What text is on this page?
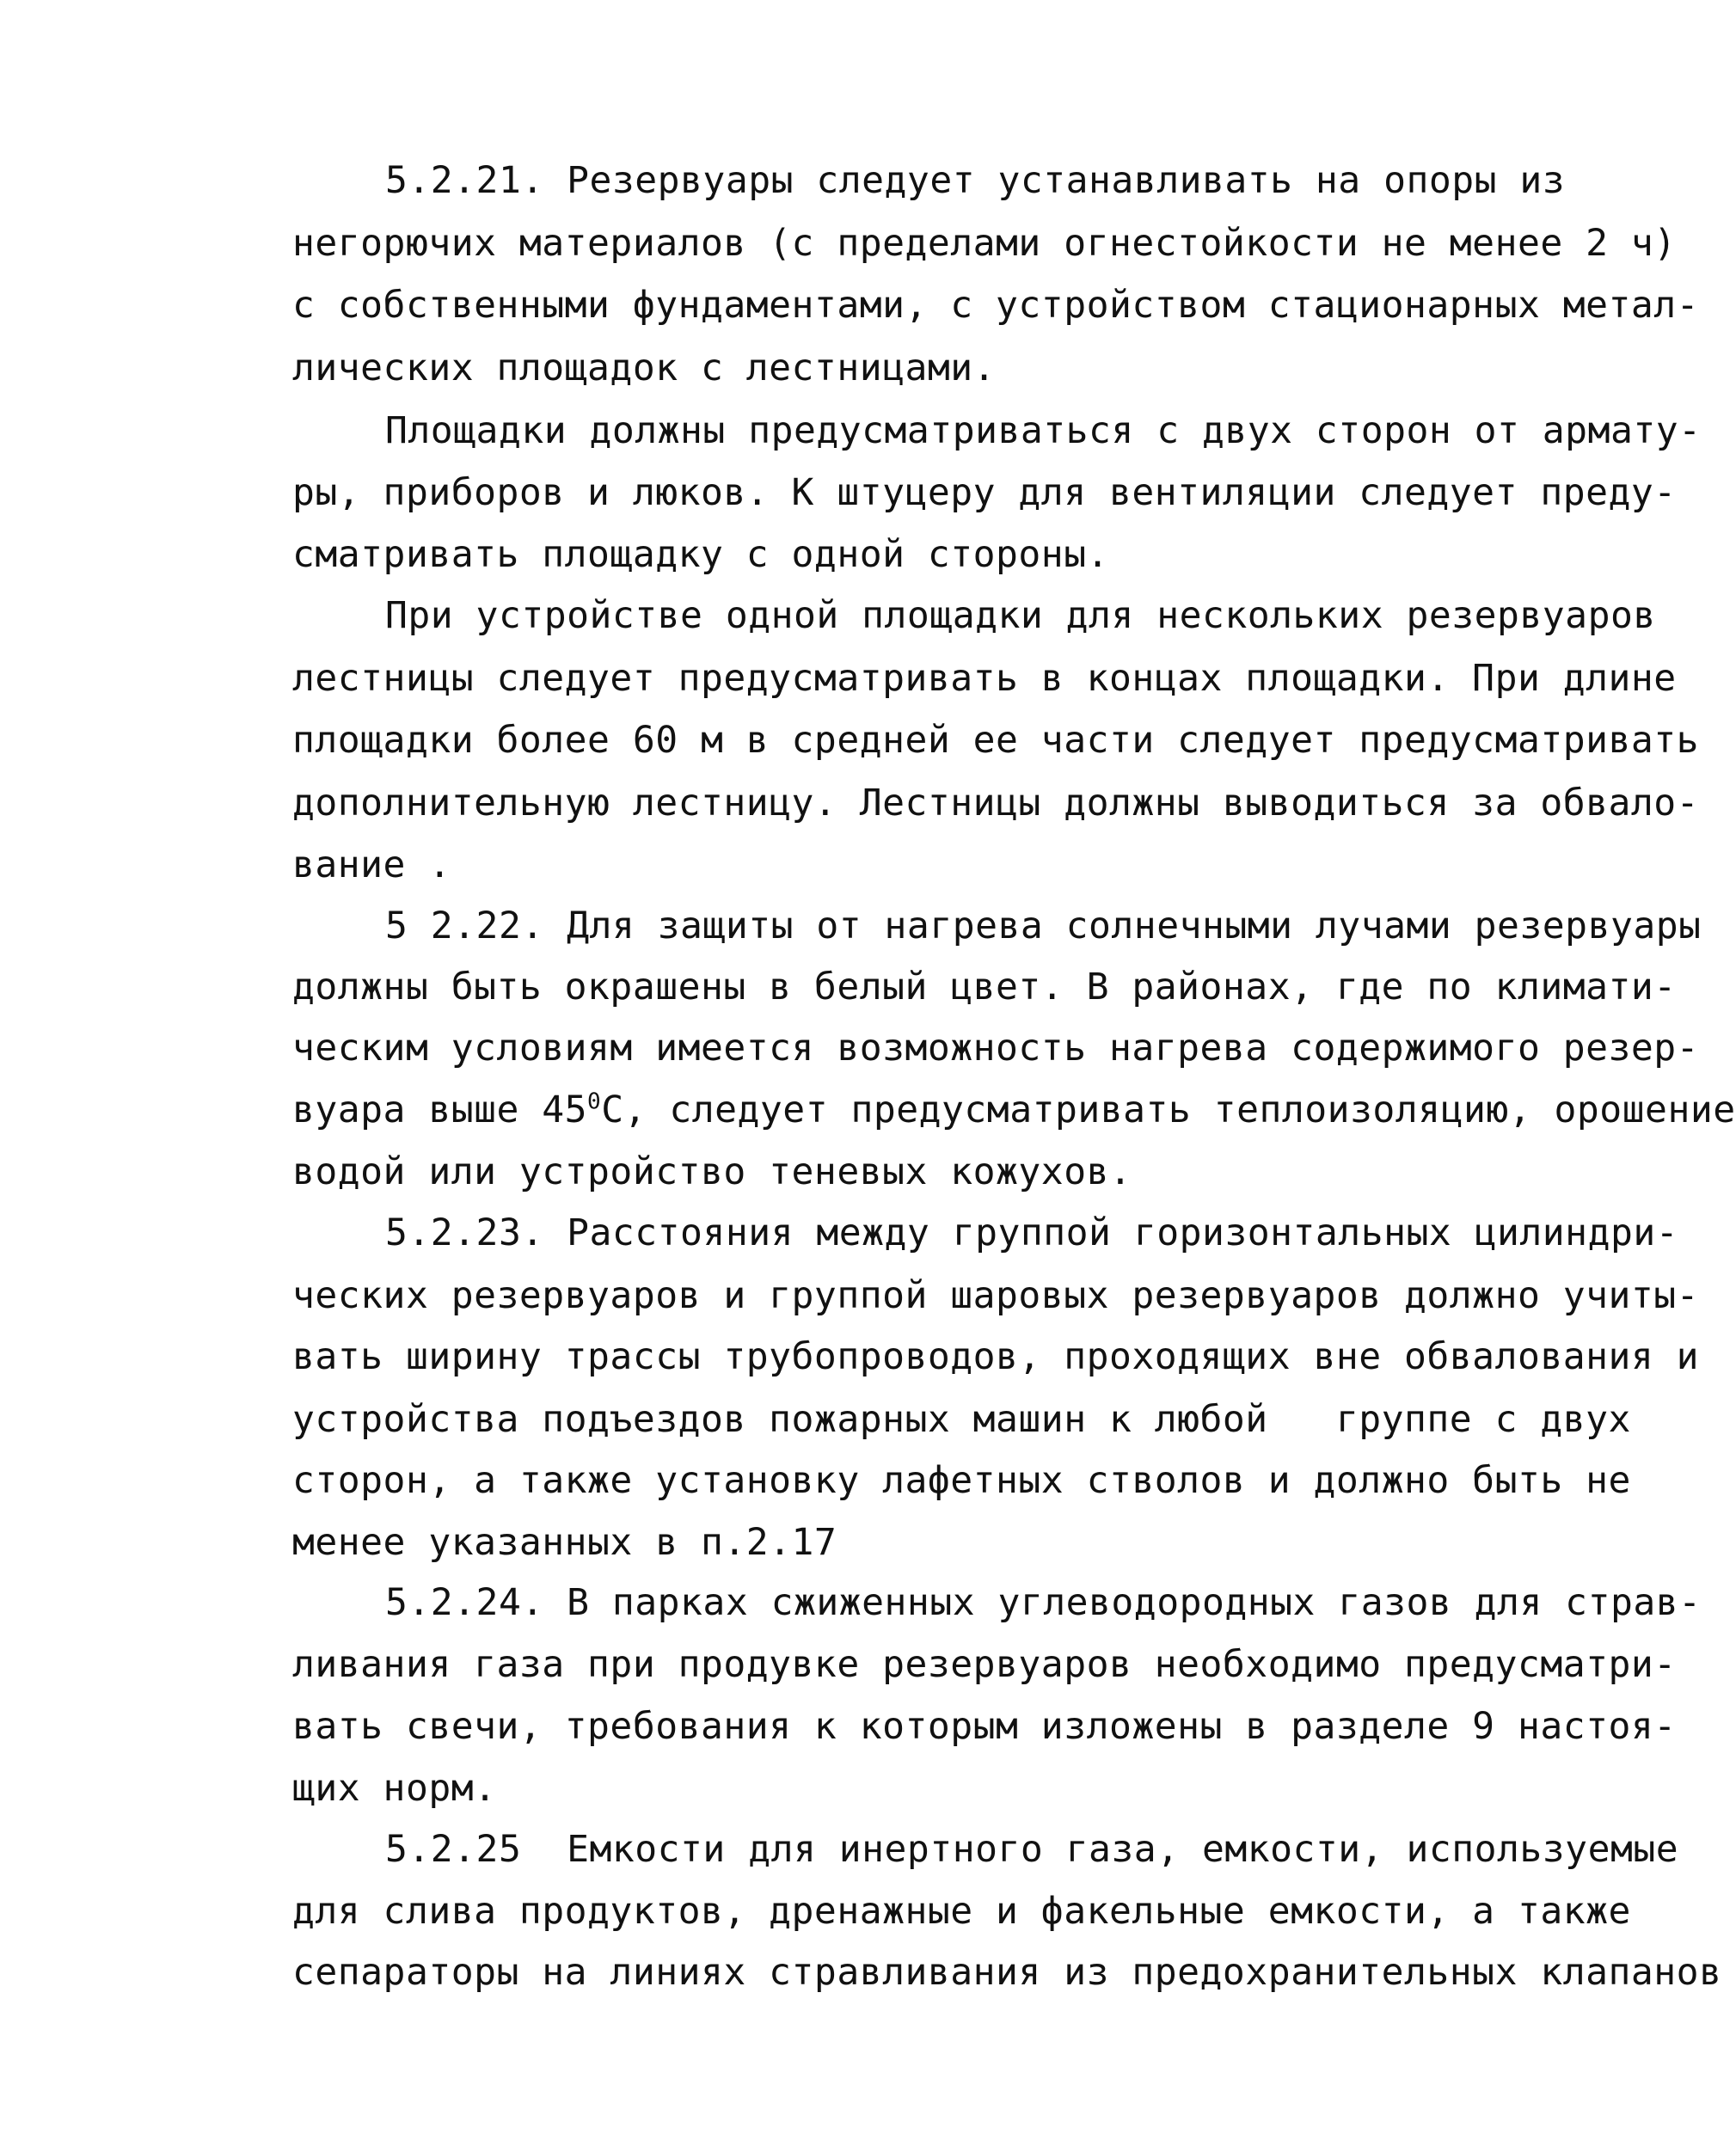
5.2.21. Резервуары следует устанавливать на опоры из
негорючих материалов (с пределами огнестойкости не менее 2 ч)
с собственными фундаментами, с устройством стационарных метал-
лических площадок с лестницами.
Площадки должны предусматриваться с двух сторон от армату-
ры, приборов и люков. К штуцеру для вентиляции следует преду-
сматривать площадку с одной стороны.
При устройстве одной площадки для нескольких резервуаров
лестницы следует предусматривать в концах площадки. При длине
площадки более 60 м в средней ее части следует предусматривать
дополнительную лестницу. Лестницы должны выводиться за обвало-
вание .
5 2.22. Для защиты от нагрева солнечными лучами резервуары
должны быть окрашены в белый цвет. В районах, где по климати-
ческим условиям имеется возможность нагрева содержимого резер-
вуара выше $45^0С$, следует предусматривать теплоизоляцию, орошение
водой или устройство теневых кожухов.
5.2.23. Расстояния между группой горизонтальных цилиндри-
ческих резервуаров и группой шаровых резервуаров должно учиты-
вать ширину трассы трубопроводов, проходящих вне обвалования и
устройства подъездов пожарных машин к любой   группе с двух
сторон, а также установку лафетных стволов и должно быть не
менее указанных в п.2.17
5.2.24. В парках сжиженных углеводородных газов для страв-
ливания газа при продувке резервуаров необходимо предусматри-
вать свечи, требования к которым изложены в разделе 9 настоя-
щих норм.
5.2.25  Емкости для инертного газа, емкости, используемые
для слива продуктов, дренажные и факельные емкости, а также
сепараторы на линиях стравливания из предохранительных клапанов
